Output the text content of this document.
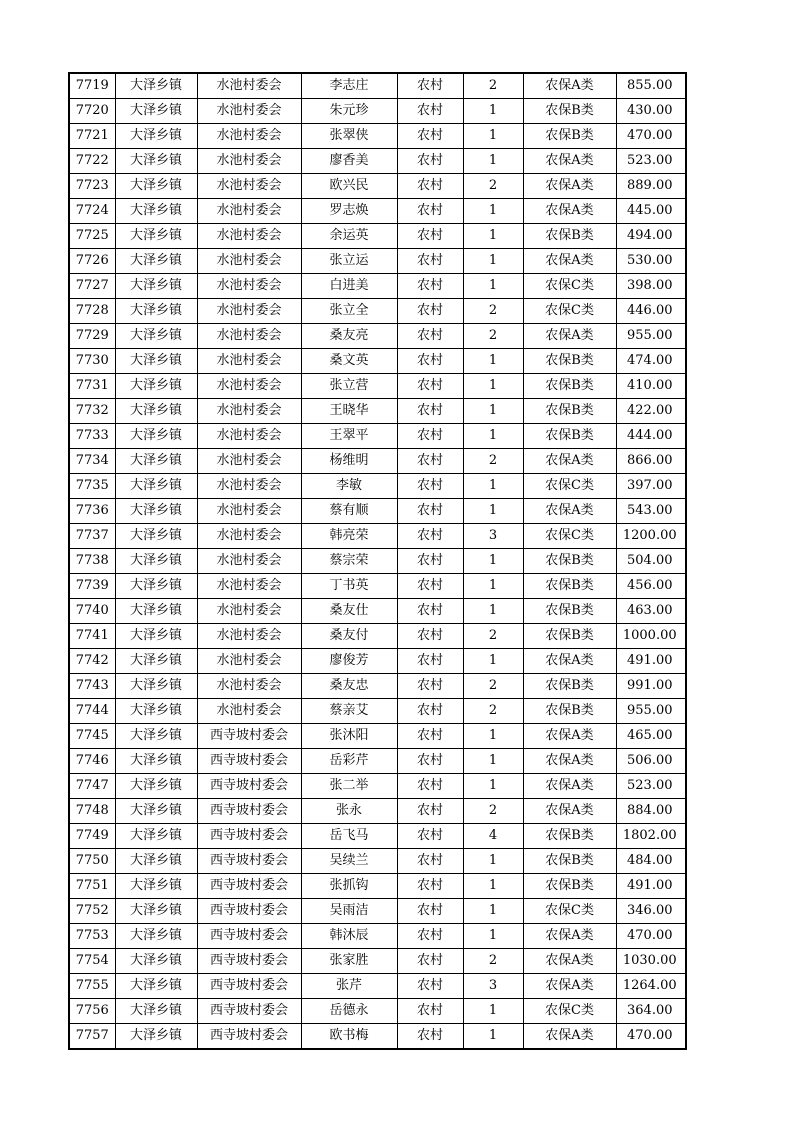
7719	大泽乡镇	水池村委会	李志庄	农村	2	农保A类	855.00
7720	大泽乡镇	水池村委会	朱元珍	农村	1	农保B类	430.00
7721	大泽乡镇	水池村委会	张翠侠	农村	1	农保B类	470.00
7722	大泽乡镇	水池村委会	廖香美	农村	1	农保A类	523.00
7723	大泽乡镇	水池村委会	欧兴民	农村	2	农保A类	889.00
7724	大泽乡镇	水池村委会	罗志焕	农村	1	农保A类	445.00
7725	大泽乡镇	水池村委会	余运英	农村	1	农保B类	494.00
7726	大泽乡镇	水池村委会	张立运	农村	1	农保A类	530.00
7727	大泽乡镇	水池村委会	白进美	农村	1	农保C类	398.00
7728	大泽乡镇	水池村委会	张立全	农村	2	农保C类	446.00
7729	大泽乡镇	水池村委会	桑友亮	农村	2	农保A类	955.00
7730	大泽乡镇	水池村委会	桑文英	农村	1	农保B类	474.00
7731	大泽乡镇	水池村委会	张立营	农村	1	农保B类	410.00
7732	大泽乡镇	水池村委会	王晓华	农村	1	农保B类	422.00
7733	大泽乡镇	水池村委会	王翠平	农村	1	农保B类	444.00
7734	大泽乡镇	水池村委会	杨维明	农村	2	农保A类	866.00
7735	大泽乡镇	水池村委会	李敏	农村	1	农保C类	397.00
7736	大泽乡镇	水池村委会	蔡有顺	农村	1	农保A类	543.00
7737	大泽乡镇	水池村委会	韩亮荣	农村	3	农保C类	1200.00
7738	大泽乡镇	水池村委会	蔡宗荣	农村	1	农保B类	504.00
7739	大泽乡镇	水池村委会	丁书英	农村	1	农保B类	456.00
7740	大泽乡镇	水池村委会	桑友仕	农村	1	农保B类	463.00
7741	大泽乡镇	水池村委会	桑友付	农村	2	农保B类	1000.00
7742	大泽乡镇	水池村委会	廖俊芳	农村	1	农保A类	491.00
7743	大泽乡镇	水池村委会	桑友忠	农村	2	农保B类	991.00
7744	大泽乡镇	水池村委会	蔡亲艾	农村	2	农保B类	955.00
7745	大泽乡镇	西寺坡村委会	张沐阳	农村	1	农保A类	465.00
7746	大泽乡镇	西寺坡村委会	岳彩芹	农村	1	农保A类	506.00
7747	大泽乡镇	西寺坡村委会	张二举	农村	1	农保A类	523.00
7748	大泽乡镇	西寺坡村委会	张永	农村	2	农保A类	884.00
7749	大泽乡镇	西寺坡村委会	岳飞马	农村	4	农保B类	1802.00
7750	大泽乡镇	西寺坡村委会	吴续兰	农村	1	农保B类	484.00
7751	大泽乡镇	西寺坡村委会	张抓钩	农村	1	农保B类	491.00
7752	大泽乡镇	西寺坡村委会	吴雨洁	农村	1	农保C类	346.00
7753	大泽乡镇	西寺坡村委会	韩沐辰	农村	1	农保A类	470.00
7754	大泽乡镇	西寺坡村委会	张家胜	农村	2	农保A类	1030.00
7755	大泽乡镇	西寺坡村委会	张芹	农村	3	农保A类	1264.00
7756	大泽乡镇	西寺坡村委会	岳德永	农村	1	农保C类	364.00
7757	大泽乡镇	西寺坡村委会	欧书梅	农村	1	农保A类	470.00
